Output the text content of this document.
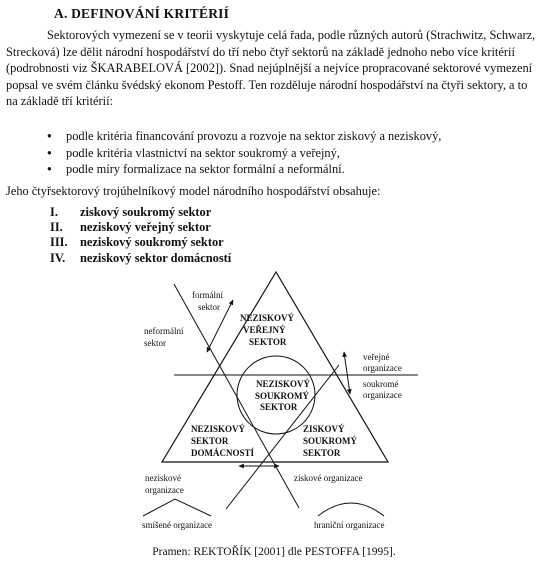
A. DEFINOVÁNÍ KRITÉRIÍ

Sektorových vymezení se v teorii vyskytuje celá řada, podle různých autorů (Strachwitz, Schwarz, Strecková) lze dělit národní hospodářství do tří nebo čtyř sektorů na základě jednoho nebo více kritérií (podrobnosti viz ŠKARABELOVÁ [2002]). Snad nejúplnější a nejvíce propracované sektorové vymezení popsal ve svém článku švédský ekonom Pestoff. Ten rozděluje národní hospodářství na čtyři sektory, a to na základě tří kritérií:

● podle kritéria financování provozu a rozvoje na sektor ziskový a neziskový,
● podle kritéria vlastnictví na sektor soukromý a veřejný,
● podle míry formalizace na sektor formální a neformální.

Jeho čtyřsektorový trojúhelníkový model národního hospodářství obsahuje:

I.	ziskový soukromý sektor
II.	neziskový veřejný sektor
III.	neziskový soukromý sektor
IV.	neziskový sektor domácností
formální
sektor
neformální
sektor
veřejné
organizace
soukromé
organizace
NEZISKOVÝ
VEŘEJNÝ
SEKTOR
NEZISKOVÝ
SOUKROMÝ
SEKTOR
NEZISKOVÝ
SEKTOR
DOMÁCNOSTÍ
ZISKOVÝ
SOUKROMÝ
SEKTOR
neziskové
organizace
ziskové organizace
smíšené organizace	hraniční organizace
Pramen: REKTOŘÍK [2001] dle PESTOFFA [1995].
